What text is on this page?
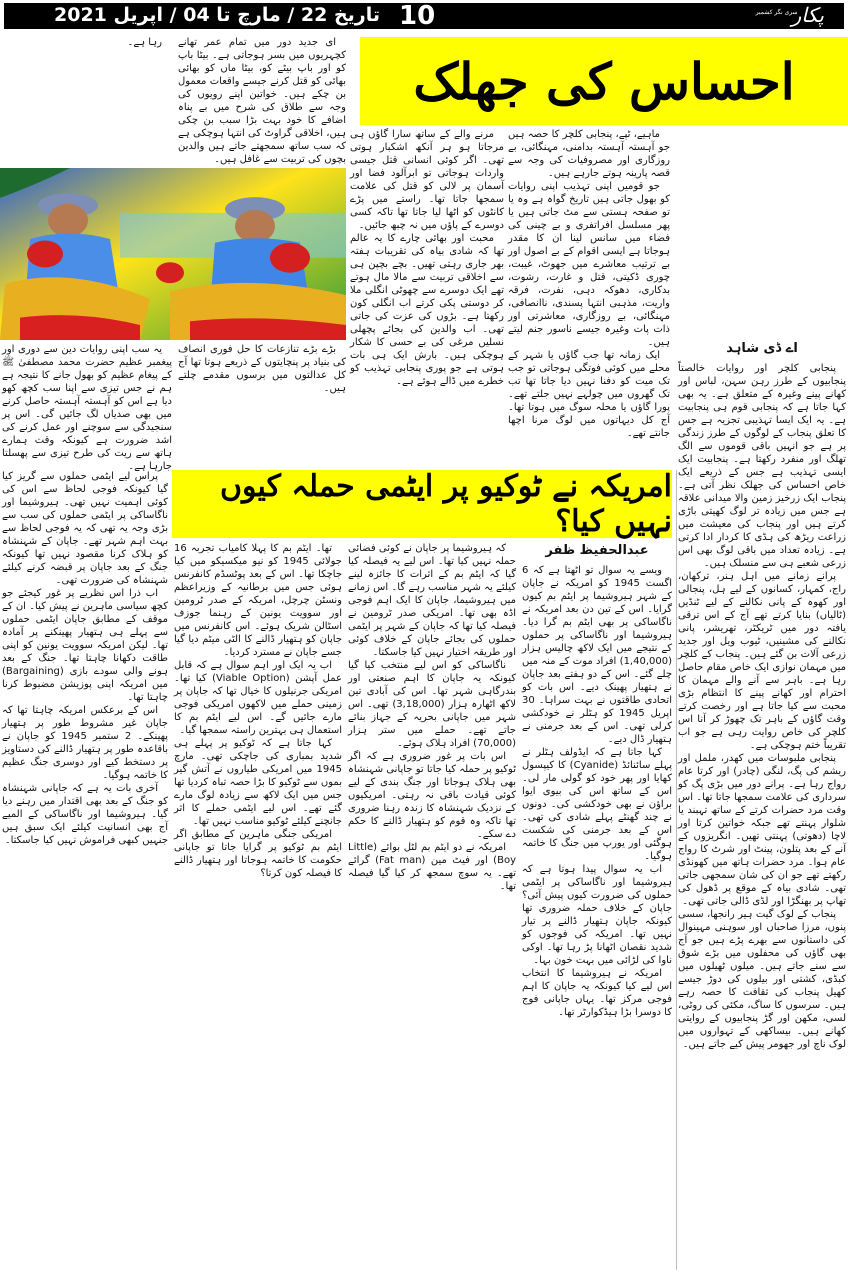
سری نگر کشمیر
پکار
10
تاریخ 22 / مارچ تا 04 / اپریل 2021
احساس کی جھلک
اے ڈی شاہد

پنجابی کلچر اور روایات خالصتاً پنجابیوں کے طرز رہن سہن، لباس اور کھانے پینے وغیرہ کے متعلق ہے۔ یہ بھی کہا جاتا ہے کہ پنجابی قوم ہی پنجابیت ہے۔ یہ ایک ایسا تہذیبی تجزیہ ہے جس کا تعلق پنجاب کے لوگوں کے طرز زندگی پر ہے جو انہیں باقی قوموں سے الگ تھلگ اور منفرد رکھتا ہے۔ پنجابیت ایک ایسی تہذیب ہے جس کے ذریعے ایک خاص احساس کی جھلک نظر آتی ہے۔ پنجاب ایک زرخیز زمین والا میدانی علاقہ ہے جس میں زیادہ تر لوگ کھیتی باڑی کرتے ہیں اور پنجاب کی معیشت میں زراعت ریڑھ کی ہڈی کا کردار ادا کرتی ہے۔ زیادہ تعداد میں باقی لوگ بھی اس زرعی شعبے ہی سے منسلک ہیں۔

پرانے زمانے میں اہل ہنر، ترکھان، راج، کمہار، کسانوں کے لیے ہل، پنجالی اور کھوہ کے پانی نکالنے کے لیے ٹنڈیں (ٹالیاں) بنایا کرتے تھے آج کے اس ترقی یافتہ دور میں ٹریکٹر، تھریشر، پانی نکالنے کی مشینیں، ٹیوب ویل اور جدید زرعی آلات بن گئے ہیں۔ پنجاب کے کلچر میں مہمان نوازی ایک خاص مقام حاصل رہا ہے۔ باہر سے آنے والے مہمان کا احترام اور کھانے پینے کا انتظام بڑی محبت سے کیا جاتا ہے اور رخصت کرتے وقت گاؤں کے باہر تک چھوڑ کر آنا اس کلچر کی خاص روایت رہی ہے جو اب تقریباً ختم ہوچکی ہے۔

پنجابی ملبوسات میں کھدر، ململ اور ریشم کی پگ، لنگی (چادر) اور کرتا عام رواج رہا ہے۔ پرانے دور میں بڑی پگ کو سرداری کی علامت سمجھا جاتا تھا۔ اس وقت مرد حضرات کرتے کے ساتھ تہبند یا شلوار پہنتے تھے جبکہ خواتین کرتا اور لاچا (دھوتی) پہنتی تھیں۔ انگریزوں کے آنے کے بعد پتلون، پینٹ اور شرٹ کا رواج عام ہوا۔ مرد حضرات ہاتھ میں کھونڈی رکھتے تھے جو ان کی شان سمجھی جاتی تھی۔ شادی بیاہ کے موقع پر ڈھول کی تھاپ پر بھنگڑا اور لڈی ڈالی جاتی تھی۔

پنجاب کے لوک گیت ہیر رانجھا، سسی پنوں، مرزا صاحباں اور سوہنی مہینوال کی داستانوں سے بھرے پڑے ہیں جو آج بھی گاؤں کی محفلوں میں بڑے شوق سے سنے جاتے ہیں۔ میلوں ٹھیلوں میں کبڈی، کشتی اور بیلوں کی دوڑ جیسے کھیل پنجاب کی ثقافت کا حصہ رہے ہیں۔ سرسوں کا ساگ، مکئی کی روٹی، لسی، مکھن اور گڑ پنجابیوں کے روایتی کھانے ہیں۔ بیساکھی کے تہواروں میں لوک ناچ اور جھومر پیش کیے جاتے ہیں۔

ماہیے، ٹپے، پنجابی کلچر کا حصہ ہیں جو آہستہ آہستہ بدامنی، مہنگائی، بے روزگاری اور مصروفیات کی وجہ سے قصہ پارینہ ہوتے جارہے ہیں۔

جو قومیں اپنی تہذیب اپنی روایات کو بھول جاتی ہیں تاریخ گواہ ہے وہ یا تو صفحہ ہستی سے مٹ جاتی ہیں یا پھر مسلسل افراتفری و بے چینی کی فضاء میں سانس لینا ان کا مقدر ہوجاتا ہے ایسی اقوام کے بے اصول اور بے ترتیب معاشرے میں جھوٹ، غیبت، چوری ڈکیتی، قتل و غارت، رشوت، بدکاری، دھوکہ دہی، نفرت، فرقہ واریت، مذہبی انتہا پسندی، ناانصافی، مہنگائی، بے روزگاری، معاشرتی اور ذات پات وغیرہ جیسے ناسور جنم لیتے ہیں۔

ایک زمانہ تھا جب گاؤں یا شہر کے محلے میں کوئی فوتگی ہوجاتی تو جب تک میت کو دفنا نہیں دیا جاتا تھا تب تک گھروں میں چولہے نہیں جلتے تھے۔ پورا گاؤں یا محلہ سوگ میں ہوتا تھا۔ آج کل دیہاتوں میں لوگ مرنا اچھا جانتے تھے۔

مرنے والے کے ساتھ سارا گاؤں ہی مرجاتا ہو ہر آنکھ اشکبار ہوتی تھی۔ اگر کوئی انسانی قتل جیسی واردات ہوجاتی تو ابرآلود فضا اور آسمان پر لالی کو قتل کی علامت سمجھا جاتا تھا۔ راستے میں پڑے کانٹوں کو اٹھا لیا جاتا تھا تاکہ کسی دوسرے کے پاؤں میں نہ چبھ جائیں۔

محبت اور بھائی چارے کا یہ عالم تھا کہ شادی بیاہ کی تقریبات ہفتہ بھر جاری رہتی تھیں۔ بچے بچپن ہی سے اخلاقی تربیت سے مالا مال ہوتے تھے ایک دوسرے سے چھوٹی انگلی ملا کر دوستی پکی کرتے اب انگلی کون رکھتا ہے۔ بڑوں کی عزت کی جاتی تھی۔ اب والدین کی بجائے پچھلی نسلیں مرغی کی بے حسی کا شکار ہوچکی ہیں۔ بارش ایک ہی بات ہوتی ہے جو پوری پنجابی تہذیب کو خطرے میں ڈالے ہوئے ہے۔

ای جدید دور میں تمام عمر تھانے کچہریوں میں بسر ہوجاتی ہے۔ بیٹا باپ کو اور باپ بیٹے کو، بیٹا ماں کو بھائی بھائی کو قتل کرنے جیسے واقعات معمول بن چکے ہیں۔ خواتین اپنے رویوں کی وجہ سے طلاق کی شرح میں بے پناہ اضافے کا خود بہت بڑا سبب بن چکی ہیں، اخلاقی گراوٹ کی انتہا ہوچکی ہے کہ سب ساتھ سمجھتے جاتے ہیں والدین بچوں کی تربیت سے غافل ہیں۔

رہا ہے۔

بڑے بڑے تنازعات کا حل فوری انصاف کی بنیاد پر پنچایتوں کے ذریعے ہوتا تھا آج کل عدالتوں میں برسوں مقدمے چلتے ہیں۔

یہ سب اپنی روایات دین سے دوری اور پیغمبر عظیم حضرت محمد مصطفیٰ ﷺ کے پیغام عظیم کو بھول جانے کا نتیجہ ہے ہم نے جس تیزی سے اپنا سب کچھ کھو دیا ہے اس کو آہستہ آہستہ حاصل کرنے میں بھی صدیاں لگ جائیں گی۔ اس پر سنجیدگی سے سوچنے اور عمل کرنے کی اشد ضرورت ہے کیونکہ وقت ہمارے ہاتھ سے ریت کی طرح تیزی سے پھسلتا جارہا ہے۔

امریکہ نے ٹوکیو پر ایٹمی حملہ کیوں نہیں کیا؟
عبدالحفیظ ظفر

ویسے یہ سوال تو اٹھتا ہے کہ 6 اگست 1945 کو امریکہ نے جاپان کے شہر ہیروشیما پر ایٹم بم کیوں گرایا۔ اس کے تین دن بعد امریکہ نے ناگاساکی پر بھی ایٹم بم گرا دیا۔ ہیروشیما اور ناگاساکی پر حملوں کے نتیجے میں ایک لاکھ چالیس ہزار (1,40,000) افراد موت کے منہ میں چلے گئے۔ اس کے دو ہفتے بعد جاپان نے ہتھیار پھینک دیے۔ اس بات کو اتحادی طاقتوں نے بہت سراہا۔ 30 اپریل 1945 کو ہٹلر نے خودکشی کرلی تھی۔ اس کے بعد جرمنی نے ہتھیار ڈال دیے۔

کہا جاتا ہے کہ ایڈولف ہٹلر نے پہلے سائنائڈ (Cyanide) کا کیپسول کھایا اور پھر خود کو گولی مار لی۔ اس کے ساتھ اس کی بیوی ایوا براؤن نے بھی خودکشی کی۔ دونوں نے چند گھنٹے پہلے شادی کی تھی۔ اس کے بعد جرمنی کی شکست ہوگئی اور یورپ میں جنگ کا خاتمہ ہوگیا۔

اب یہ سوال پیدا ہوتا ہے کہ ہیروشیما اور ناگاساکی پر ایٹمی حملوں کی ضرورت کیوں پیش آئی؟ جاپان کے خلاف حملہ ضروری تھا کیونکہ جاپان ہتھیار ڈالنے پر تیار نہیں تھا۔ امریکہ کی فوجوں کو شدید نقصان اٹھانا پڑ رہا تھا۔ اوکی ناوا کی لڑائی میں بہت خون بہا۔

امریکہ نے ہیروشیما کا انتخاب اس لیے کیا کیونکہ یہ جاپان کا اہم فوجی مرکز تھا۔ یہاں جاپانی فوج کا دوسرا بڑا ہیڈکوارٹر تھا۔

کہ ہیروشیما پر جاپان نے کوئی فضائی حملہ نہیں کیا تھا۔ اس لیے یہ فیصلہ کیا گیا کہ ایٹم بم کے اثرات کا جائزہ لینے کیلئے یہ شہر مناسب رہے گا۔ اس زمانے میں ہیروشیما، جاپان کا ایک اہم فوجی اڈہ بھی تھا۔ امریکی صدر ٹرومین نے فیصلہ کیا تھا کہ جاپان کے شہر پر ایٹمی حملوں کی بجائے جاپان کے خلاف کوئی اور طریقہ اختیار نہیں کیا جاسکتا۔

ناگاساکی کو اس لیے منتخب کیا گیا کیونکہ یہ جاپان کا اہم صنعتی اور بندرگاہی شہر تھا۔ اس کی آبادی تین لاکھ اٹھارہ ہزار (3,18,000) تھی۔ اس شہر میں جاپانی بحریہ کے جہاز بنائے جاتے تھے۔ حملے میں ستر ہزار (70,000) افراد ہلاک ہوئے۔

اس بات پر غور ضروری ہے کہ اگر ٹوکیو پر حملہ کیا جاتا تو جاپانی شہنشاہ بھی ہلاک ہوجاتا اور جنگ بندی کے لیے کوئی قیادت باقی نہ رہتی۔ امریکیوں کے نزدیک شہنشاہ کا زندہ رہنا ضروری تھا تاکہ وہ قوم کو ہتھیار ڈالنے کا حکم دے سکے۔

امریکہ نے دو ایٹم بم لٹل بوائے (Little Boy) اور فیٹ مین (Fat man) گرائے تھے۔ یہ سوچ سمجھ کر کیا گیا فیصلہ تھا۔

تھا۔ ایٹم بم کا پہلا کامیاب تجربہ 16 جولائی 1945 کو نیو میکسیکو میں کیا جاچکا تھا۔ اس کے بعد پوٹسڈم کانفرنس ہوئی جس میں برطانیہ کے وزیراعظم ونسٹن چرچل، امریکہ کے صدر ٹرومین اور سوویت یونین کے رہنما جوزف اسٹالن شریک ہوئے۔ اس کانفرنس میں جاپان کو ہتھیار ڈالنے کا الٹی میٹم دیا گیا جسے جاپان نے مسترد کردیا۔

اب یہ ایک اور اہم سوال ہے کہ قابل عمل آپشن (Viable Option) کیا تھا۔ امریکی جرنیلوں کا خیال تھا کہ جاپان پر زمینی حملے میں لاکھوں امریکی فوجی مارے جائیں گے۔ اس لیے ایٹم بم کا استعمال ہی بہترین راستہ سمجھا گیا۔

کہا جاتا ہے کہ ٹوکیو پر پہلے ہی شدید بمباری کی جاچکی تھی۔ مارچ 1945 میں امریکی طیاروں نے آتش گیر بموں سے ٹوکیو کا بڑا حصہ تباہ کردیا تھا جس میں ایک لاکھ سے زیادہ لوگ مارے گئے تھے۔ اس لیے ایٹمی حملے کا اثر جانچنے کیلئے ٹوکیو مناسب نہیں تھا۔

امریکی جنگی ماہرین کے مطابق اگر ایٹم بم ٹوکیو پر گرایا جاتا تو جاپانی حکومت کا خاتمہ ہوجاتا اور ہتھیار ڈالنے کا فیصلہ کون کرتا؟

پراس لیے ایٹمی حملوں سے گریز کیا گیا کیونکہ فوجی لحاظ سے اس کی کوئی اہمیت نہیں تھی۔ ہیروشیما اور ناگاساکی پر ایٹمی حملوں کی سب سے بڑی وجہ یہ تھی کہ یہ فوجی لحاظ سے بہت اہم شہر تھے۔ جاپان کے شہنشاہ کو ہلاک کرنا مقصود نہیں تھا کیونکہ جنگ کے بعد جاپان پر قبضہ کرنے کیلئے شہنشاہ کی ضرورت تھی۔

اب ذرا اس نظریے پر غور کیجئے جو کچھ سیاسی ماہرین نے پیش کیا۔ ان کے موقف کے مطابق جاپان ایٹمی حملوں سے پہلے ہی ہتھیار پھینکنے پر آمادہ تھا۔ لیکن امریکہ سوویت یونین کو اپنی طاقت دکھانا چاہتا تھا۔ جنگ کے بعد ہونے والی سودے بازی (Bargaining) میں امریکہ اپنی پوزیشن مضبوط کرنا چاہتا تھا۔

اس کے برعکس امریکہ چاہتا تھا کہ جاپان غیر مشروط طور پر ہتھیار پھینکے۔ 2 ستمبر 1945 کو جاپان نے باقاعدہ طور پر ہتھیار ڈالنے کی دستاویز پر دستخط کیے اور دوسری جنگ عظیم کا خاتمہ ہوگیا۔

آخری بات یہ ہے کہ جاپانی شہنشاہ کو جنگ کے بعد بھی اقتدار میں رہنے دیا گیا۔ ہیروشیما اور ناگاساکی کے المیے آج بھی انسانیت کیلئے ایک سبق ہیں جنہیں کبھی فراموش نہیں کیا جاسکتا۔
